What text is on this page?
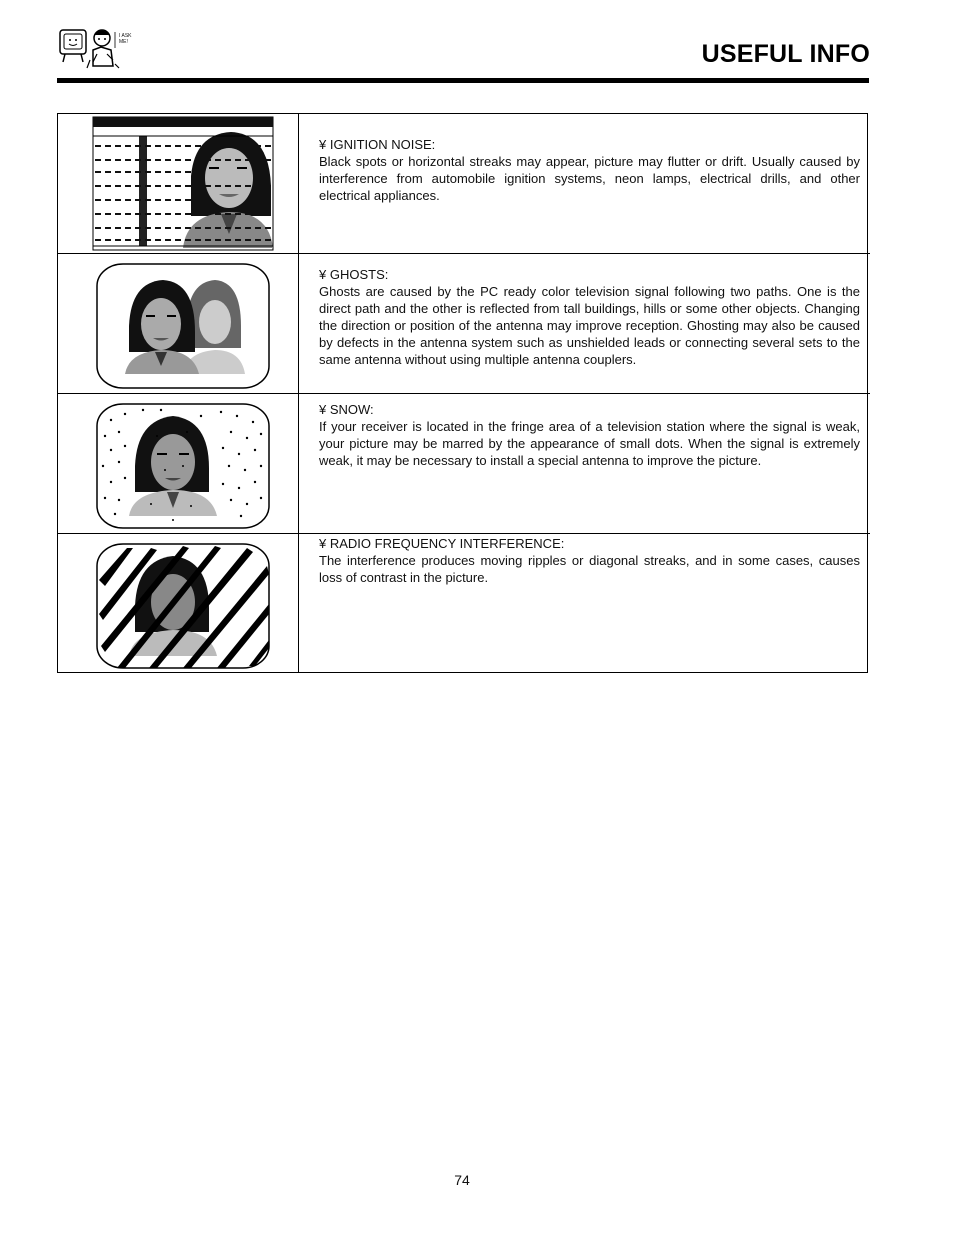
I ASK
ME!	USEFUL INFO
¥ IGNITION NOISE:
Black spots or horizontal streaks may appear, picture may flutter or drift. Usually caused by interference from automobile ignition systems, neon lamps, electrical drills, and other electrical appliances.
¥ GHOSTS:
Ghosts are caused by the PC ready color television signal following two paths. One is the direct path and the other is reflected from tall buildings, hills or some other objects. Changing the direction or position of the antenna may improve reception. Ghosting may also be caused by defects in the antenna system such as unshielded leads or connecting several sets to the same antenna without using multiple antenna couplers.
¥ SNOW:
If your receiver is located in the fringe area of a television station where the signal is weak, your picture may be marred by the appearance of small dots. When the signal is extremely weak, it may be necessary to install a special antenna to improve the picture.
¥ RADIO FREQUENCY INTERFERENCE:
The interference produces moving ripples or diagonal streaks, and in some cases, causes loss of contrast in the picture.
74
